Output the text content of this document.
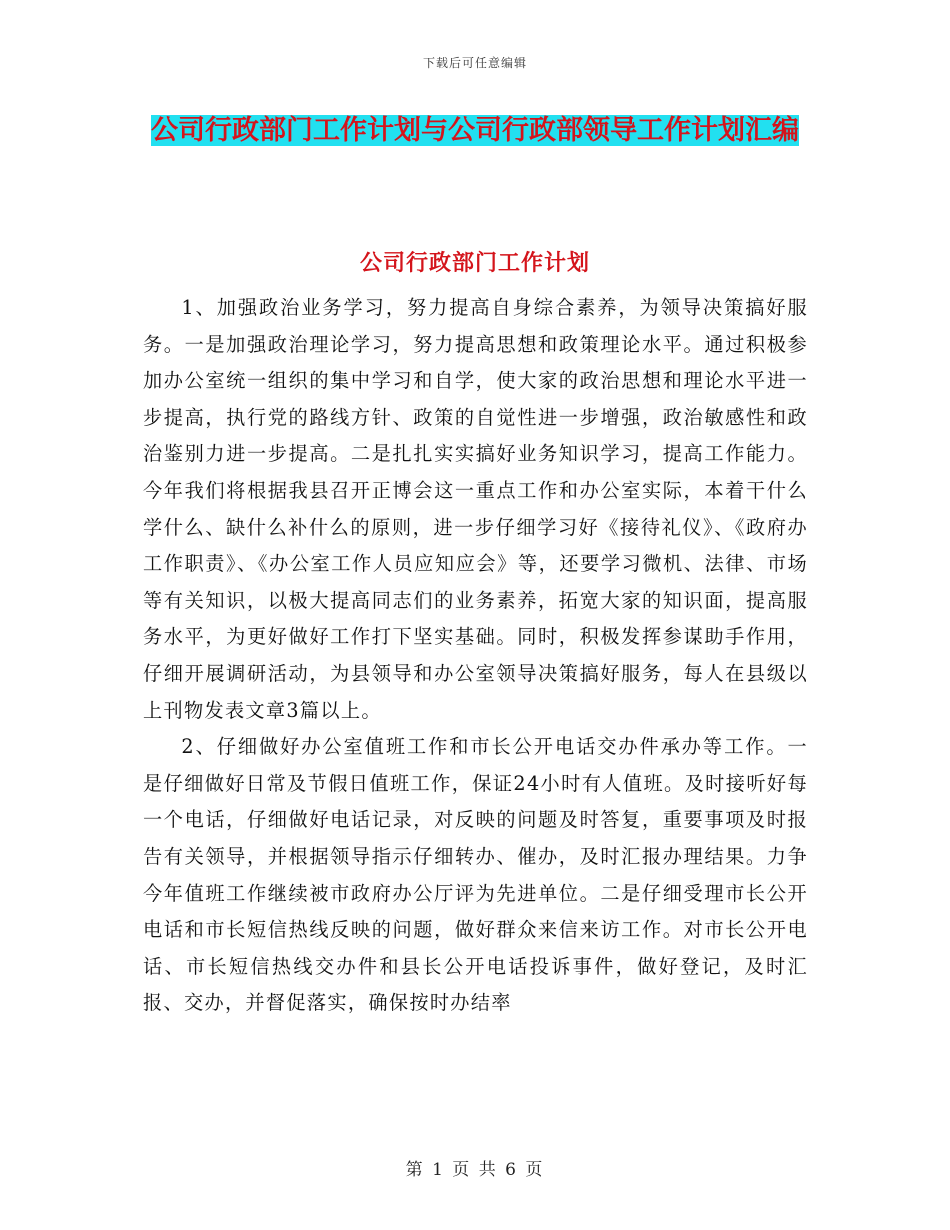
下载后可任意编辑
公司行政部门工作计划与公司行政部领导工作计划汇编
公司行政部门工作计划

1、加强政治业务学习，努力提高自身综合素养，为领导决策搞好服务。一是加强政治理论学习，努力提高思想和政策理论水平。通过积极参加办公室统一组织的集中学习和自学，使大家的政治思想和理论水平进一步提高，执行党的路线方针、政策的自觉性进一步增强，政治敏感性和政治鉴别力进一步提高。二是扎扎实实搞好业务知识学习，提高工作能力。今年我们将根据我县召开正博会这一重点工作和办公室实际，本着干什么学什么、缺什么补什么的原则，进一步仔细学习好《接待礼仪》、《政府办工作职责》、《办公室工作人员应知应会》等，还要学习微机、法律、市场等有关知识，以极大提高同志们的业务素养，拓宽大家的知识面，提高服务水平，为更好做好工作打下坚实基础。同时，积极发挥参谋助手作用，仔细开展调研活动，为县领导和办公室领导决策搞好服务，每人在县级以上刊物发表文章3篇以上。

2、仔细做好办公室值班工作和市长公开电话交办件承办等工作。一是仔细做好日常及节假日值班工作，保证24小时有人值班。及时接听好每一个电话，仔细做好电话记录，对反映的问题及时答复，重要事项及时报告有关领导，并根据领导指示仔细转办、催办，及时汇报办理结果。力争今年值班工作继续被市政府办公厅评为先进单位。二是仔细受理市长公开电话和市长短信热线反映的问题，做好群众来信来访工作。对市长公开电话、市长短信热线交办件和县长公开电话投诉事件，做好登记，及时汇报、交办，并督促落实，确保按时办结率

第 1 页 共 6 页
